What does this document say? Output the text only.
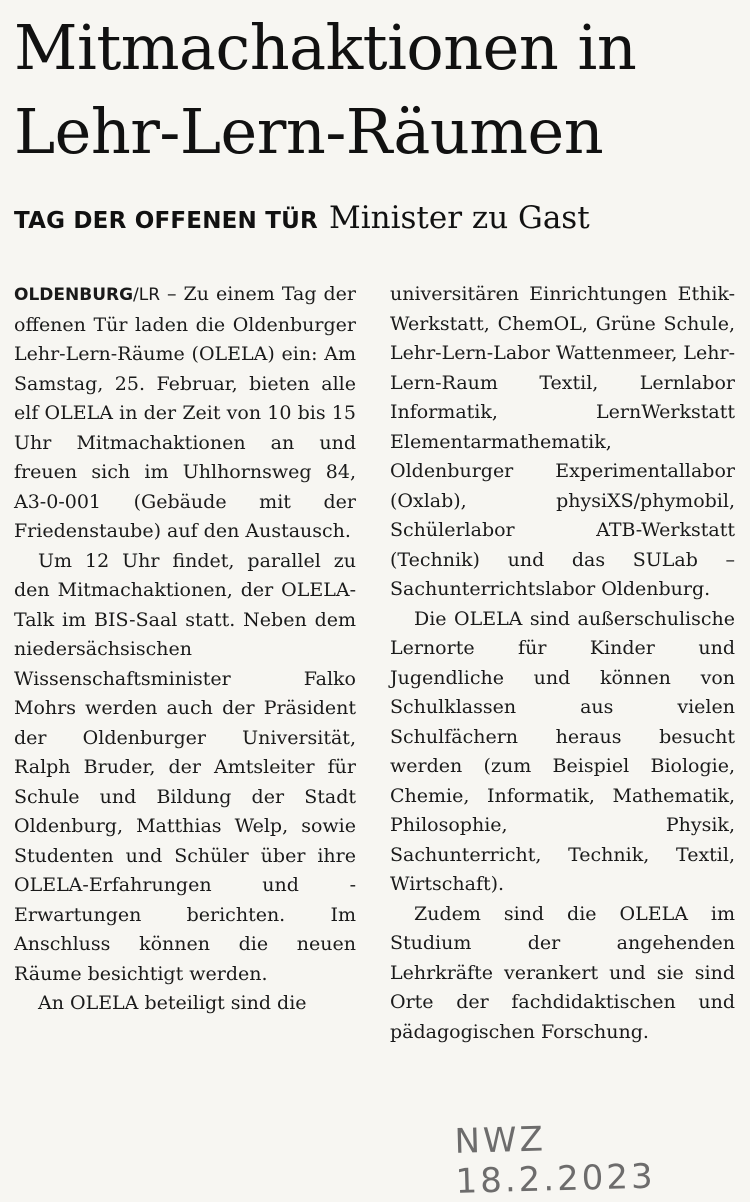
Mitmachaktionen in
Lehr-Lern-Räumen
TAG DER OFFENEN TÜR Minister zu Gast

OLDENBURG/LR – Zu einem Tag der offenen Tür laden die Oldenburger Lehr-Lern-Räume (OLELA) ein: Am Samstag, 25. Februar, bieten alle elf OLELA in der Zeit von 10 bis 15 Uhr Mitmachaktionen an und freuen sich im Uhlhornsweg 84, A3-0-001 (Gebäude mit der Friedenstaube) auf den Austausch.

Um 12 Uhr findet, parallel zu den Mitmachaktionen, der OLELA-Talk im BIS-Saal statt. Neben dem niedersächsischen Wissenschaftsminister Falko Mohrs werden auch der Präsident der Oldenburger Universität, Ralph Bruder, der Amtsleiter für Schule und Bildung der Stadt Oldenburg, Matthias Welp, sowie Studenten und Schüler über ihre OLELA-Erfahrungen und -Erwartungen berichten. Im Anschluss können die neuen Räume besichtigt werden.

An OLELA beteiligt sind die

universitären Einrichtungen Ethik-Werkstatt, ChemOL, Grüne Schule, Lehr-Lern-Labor Wattenmeer, Lehr-Lern-Raum Textil, Lernlabor Informatik, LernWerkstatt Elementarmathematik, Oldenburger Experimentallabor (Oxlab), physiXS/phymobil, Schülerlabor ATB-Werkstatt (Technik) und das SULab – Sachunterrichtslabor Oldenburg.

Die OLELA sind außerschulische Lernorte für Kinder und Jugendliche und können von Schulklassen aus vielen Schulfächern heraus besucht werden (zum Beispiel Biologie, Chemie, Informatik, Mathematik, Philosophie, Physik, Sachunterricht, Technik, Textil, Wirtschaft).

Zudem sind die OLELA im Studium der angehenden Lehrkräfte verankert und sie sind Orte der fachdidaktischen und pädagogischen Forschung.

NWZ 18.2.2023
